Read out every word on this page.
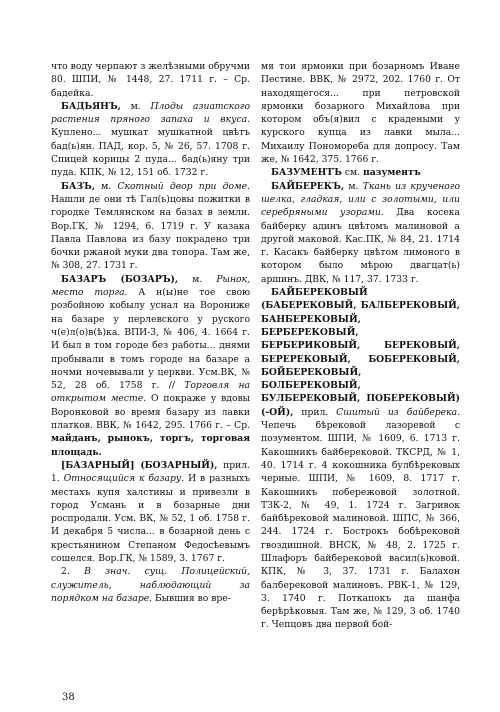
что воду черпают з желѣзными обручми 80. ШПИ, № 1448, 27. 1711 г. – Ср. бадейка.

БАДЬЯНЪ, м. Плоды азиатского растения пряного запаха и вкуса. Куплено... мушкат мушкатной цвѣтъ бад(ь)ян. ПАД, кор. 5, № 26, 57. 1708 г. Спицей корицы 2 пуда... бад(ь)яну три пуда. КПК, № 12, 151 об. 1732 г.

БАЗЪ, м. Скотный двор при доме. Нашли де они тѣ Гал(ь)цовы пожитки в городке Темлянском на базах в земли. Вор.ГК, № 1294, 6. 1719 г. У казака Павла Павлова из базу покрадено три бочки ржаной муки два топора. Там же, № 308, 27. 1731 г.

БАЗАРЪ (БОЗАРЪ), м. Рынок, место торга. А н(ы)не тое свою розбойною кобылу уснал на Ворониже на базаре у перлевского у руского ч(е)л(о)в(ѣ)ка. ВПИ-3, № 406, 4. 1664 г. И был в том городе без работы... днями пробывали в томъ городе на базаре а ночми ночевывали у церкви. Усм.ВК, № 52, 28 об. 1758 г. // Торговля на открытом месте. О покраже у вдовы Воронковой во время базару из лавки платков. ВВК, № 1642, 295. 1766 г. – Ср. майданъ, рынокъ, торгъ, торговая площадь.

[БАЗАРНЫЙ] (БОЗАРНЫЙ), прил. 1. Относящийся к базару. И в разныхъ местахъ купя халстины и привезли в город Усмань и в бозарные дни роспродали. Усм. ВК, № 52, 1 об. 1758 г. И декабря 5 числа... в бозарной день с крестьянином Степаном Федосѣевымъ сошелся. Вор.ГК, № 1589, 3. 1767 г.

2. В знач. сущ. Полицейский, служитель, наблюдающий за порядком на базаре. Бывшия во вре-

мя тои ярмонки при бозарномъ Иване Пестине. ВВК, № 2972, 202. 1760 г. От находящегося... при петровской ярмонки бозарного Михайлова при котором объ(я)вил с крадеными у курского купца из лавки мыла... Михаилу Пономореба для допросу. Там же, № 1642, 375. 1766 г.

БАЗУМЕНТЪ см. пазументъ

БАЙБЕРЕКЪ, м. Ткань из крученого шелка, гладкая, или с золотыми, или серебряными узорами. Два косека байберку адинъ цвѣтомъ малиновой а другой маковой. Кас.ПК, № 84, 21. 1714 г. Касакъ байберку цвѣтом лимоного в котором было мѣрою двагцат(ь) аршинъ. ДВК, № 117, 37. 1733 г.

БАЙБЕРЕКОВЫЙ (БАБЕРЕКОВЫЙ, БАЛБЕРЕКОВЫЙ, БАНБЕРЕКОВЫЙ, БЕРБЕРЕКОВЫЙ, БЕРБЕРИКОВЫЙ, БЕРЕКОВЫЙ, БЕРЕРЕКОВЫЙ, БОБЕРЕКОВЫЙ, БОЙБЕРЕКОВЫЙ, БОЛБЕРЕКОВЫЙ, БУЛБЕРЕКОВЫЙ, ПОБЕРЕКОВЫЙ) (-ОЙ), прил. Сшитый из байберека. Чепечь бѣрековой лазоревой с позументом. ШПИ, № 1609, 6. 1713 г. Какошникъ байберековой. ТКСРД, № 1, 40. 1714 г. 4 кокошника булбѣрековых черные. ШПИ, № 1609, 8. 1717 г. Какошникъ побережовой золотной. ТЗК-2, № 49, 1. 1724 г. Загривок байбѣрековой малиновой. ШПС, № 366, 244. 1724 г. Бострокъ бобѣрековой гвоздишной. ВНСК, № 48, 2. 1725 г. Шлафоръ байберековой васил(ь)ковой. КПК, № 3, 37. 1731 г. Балахон балберековой малиновъ. РВК-1, № 129, 3. 1740 г. Поткапокъ да шанфа берѣрѣковыя. Там же, № 129, 3 об. 1740 г. Чепцовъ два первой бой-

38
